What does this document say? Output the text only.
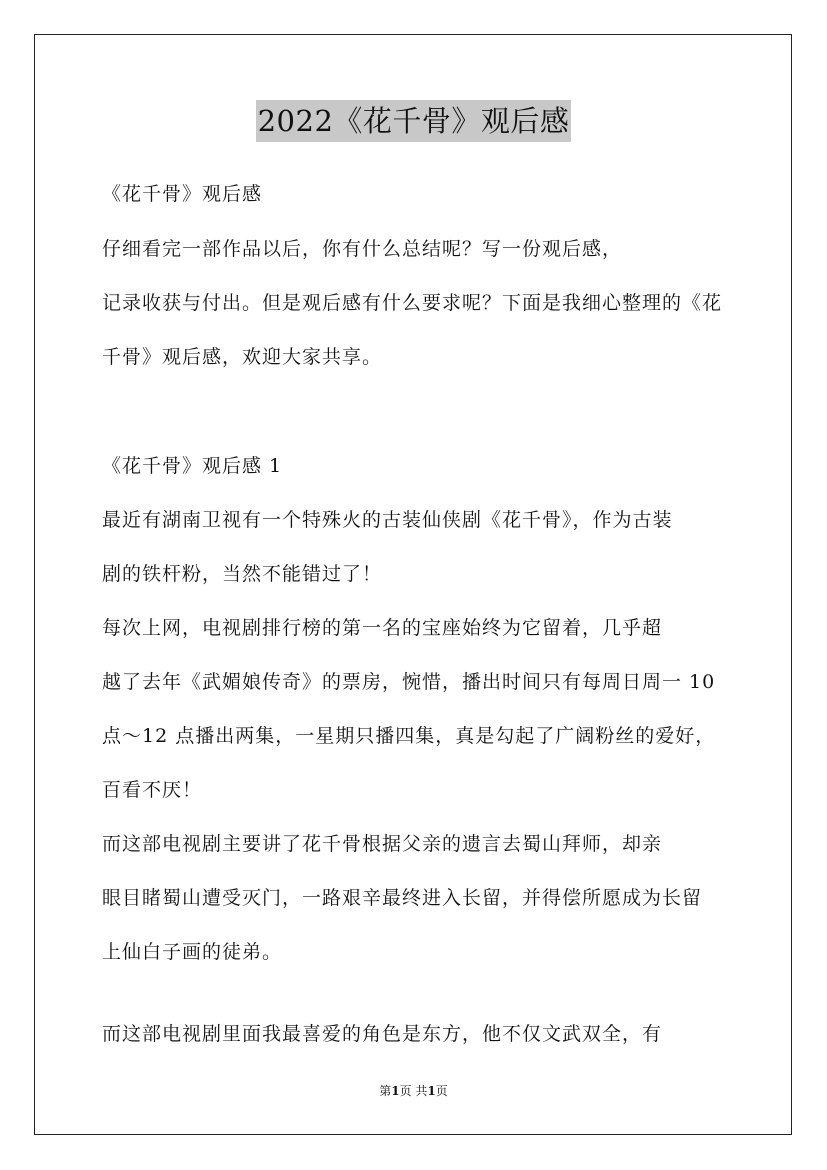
2022《花千骨》观后感
《花千骨》观后感
仔细看完一部作品以后，你有什么总结呢？写一份观后感，
记录收获与付出。但是观后感有什么要求呢？下面是我细心整理的《花
千骨》观后感，欢迎大家共享。
《花千骨》观后感 1
最近有湖南卫视有一个特殊火的古装仙侠剧《花千骨》，作为古装
剧的铁杆粉，当然不能错过了！
每次上网，电视剧排行榜的第一名的宝座始终为它留着，几乎超
越了去年《武媚娘传奇》的票房，惋惜，播出时间只有每周日周一 10
点～12 点播出两集，一星期只播四集，真是勾起了广阔粉丝的爱好，
百看不厌！
而这部电视剧主要讲了花千骨根据父亲的遗言去蜀山拜师，却亲
眼目睹蜀山遭受灭门，一路艰辛最终进入长留，并得偿所愿成为长留
上仙白子画的徒弟。
而这部电视剧里面我最喜爱的角色是东方，他不仅文武双全，有
第1页 共1页
